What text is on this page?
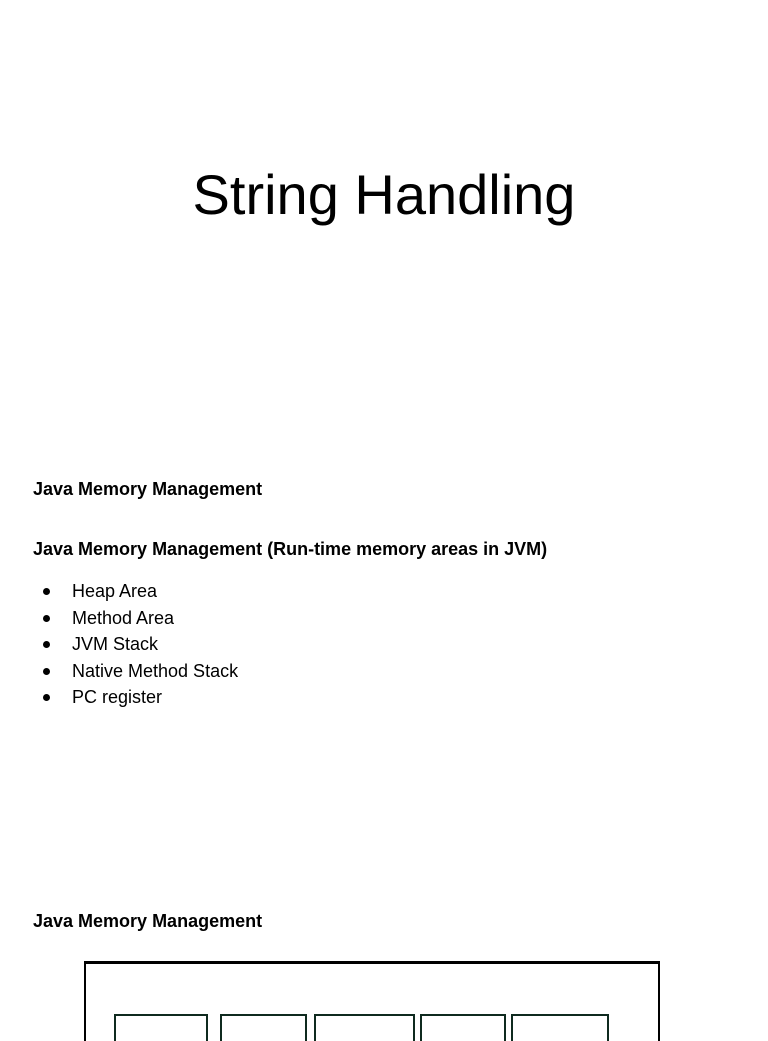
String Handling
Java Memory Management
Java Memory Management (Run-time memory areas in JVM)
Heap Area
Method Area
JVM Stack
Native Method Stack
PC register
Java Memory Management
